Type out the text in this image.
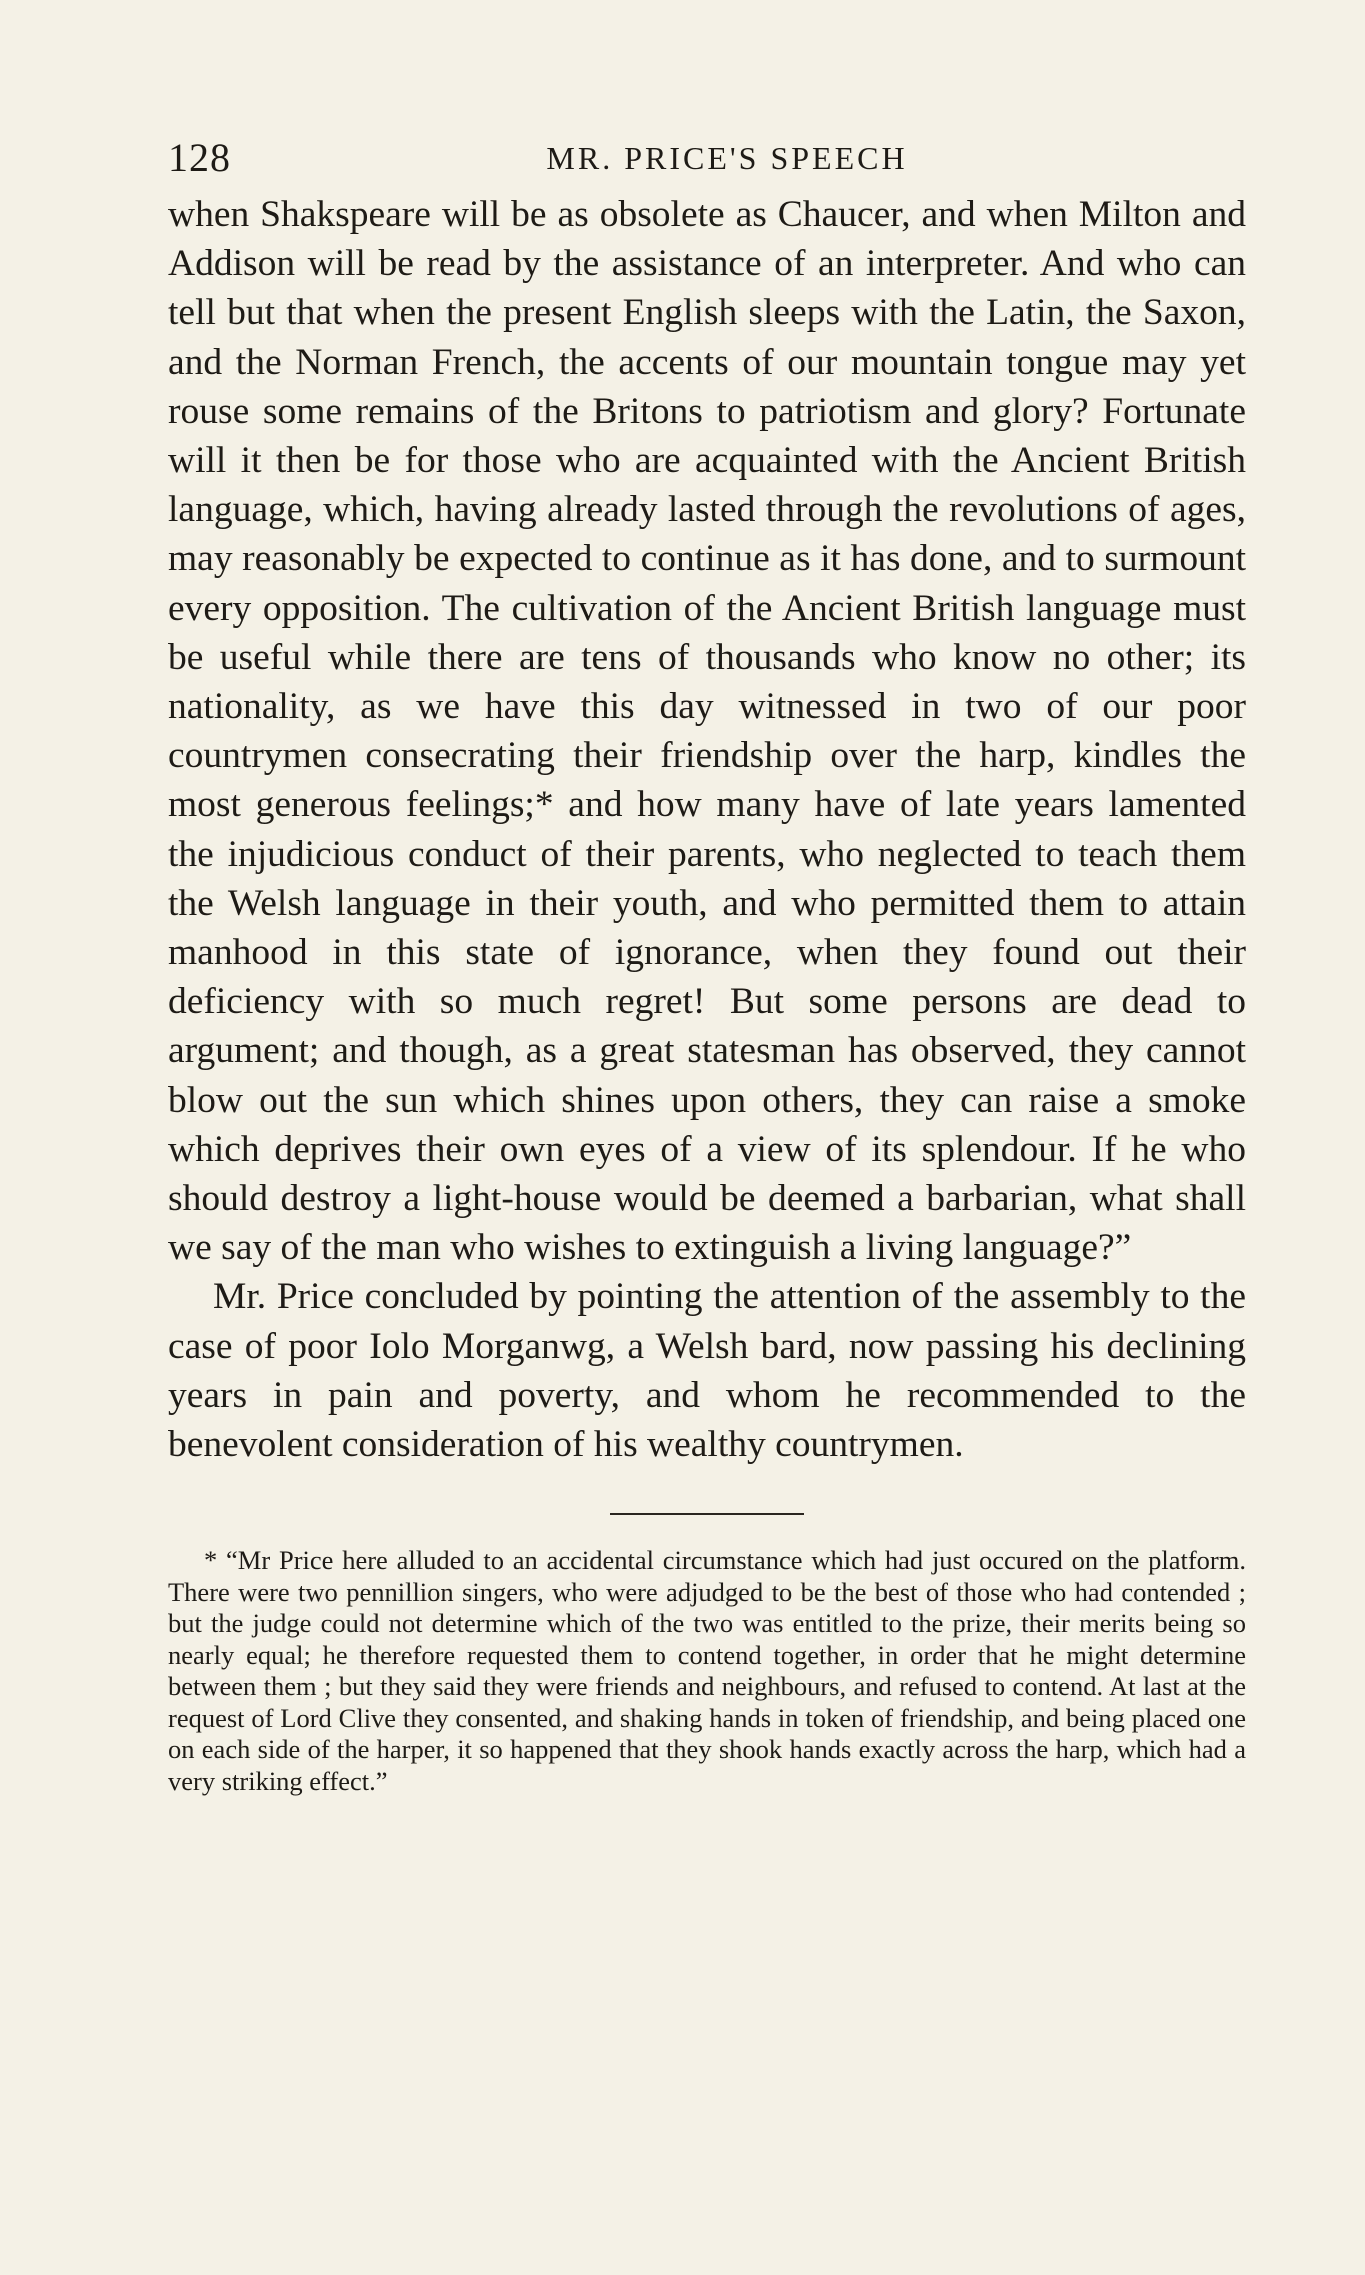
128	MR. PRICE'S SPEECH

when Shakspeare will be as obsolete as Chaucer, and when Milton and Addison will be read by the assistance of an interpreter. And who can tell but that when the present English sleeps with the Latin, the Saxon, and the Norman French, the accents of our mountain tongue may yet rouse some remains of the Britons to patriotism and glory? Fortunate will it then be for those who are acquainted with the Ancient British language, which, having already lasted through the revolutions of ages, may reasonably be expected to continue as it has done, and to surmount every opposition. The cultivation of the Ancient British language must be useful while there are tens of thousands who know no other; its nationality, as we have this day witnessed in two of our poor countrymen consecrating their friendship over the harp, kindles the most generous feelings;* and how many have of late years lamented the injudicious conduct of their parents, who neglected to teach them the Welsh language in their youth, and who permitted them to attain manhood in this state of ignorance, when they found out their deficiency with so much regret! But some persons are dead to argument; and though, as a great statesman has observed, they cannot blow out the sun which shines upon others, they can raise a smoke which deprives their own eyes of a view of its splendour. If he who should destroy a light-house would be deemed a barbarian, what shall we say of the man who wishes to extinguish a living language?”

Mr. Price concluded by pointing the attention of the assembly to the case of poor Iolo Morganwg, a Welsh bard, now passing his declining years in pain and poverty, and whom he recommended to the benevolent consideration of his wealthy countrymen.

* “Mr Price here alluded to an accidental circumstance which had just occured on the platform. There were two pennillion singers, who were adjudged to be the best of those who had contended ; but the judge could not determine which of the two was entitled to the prize, their merits being so nearly equal; he therefore requested them to contend together, in order that he might determine between them ; but they said they were friends and neighbours, and refused to contend. At last at the request of Lord Clive they consented, and shaking hands in token of friendship, and being placed one on each side of the harper, it so happened that they shook hands exactly across the harp, which had a very striking effect.”
